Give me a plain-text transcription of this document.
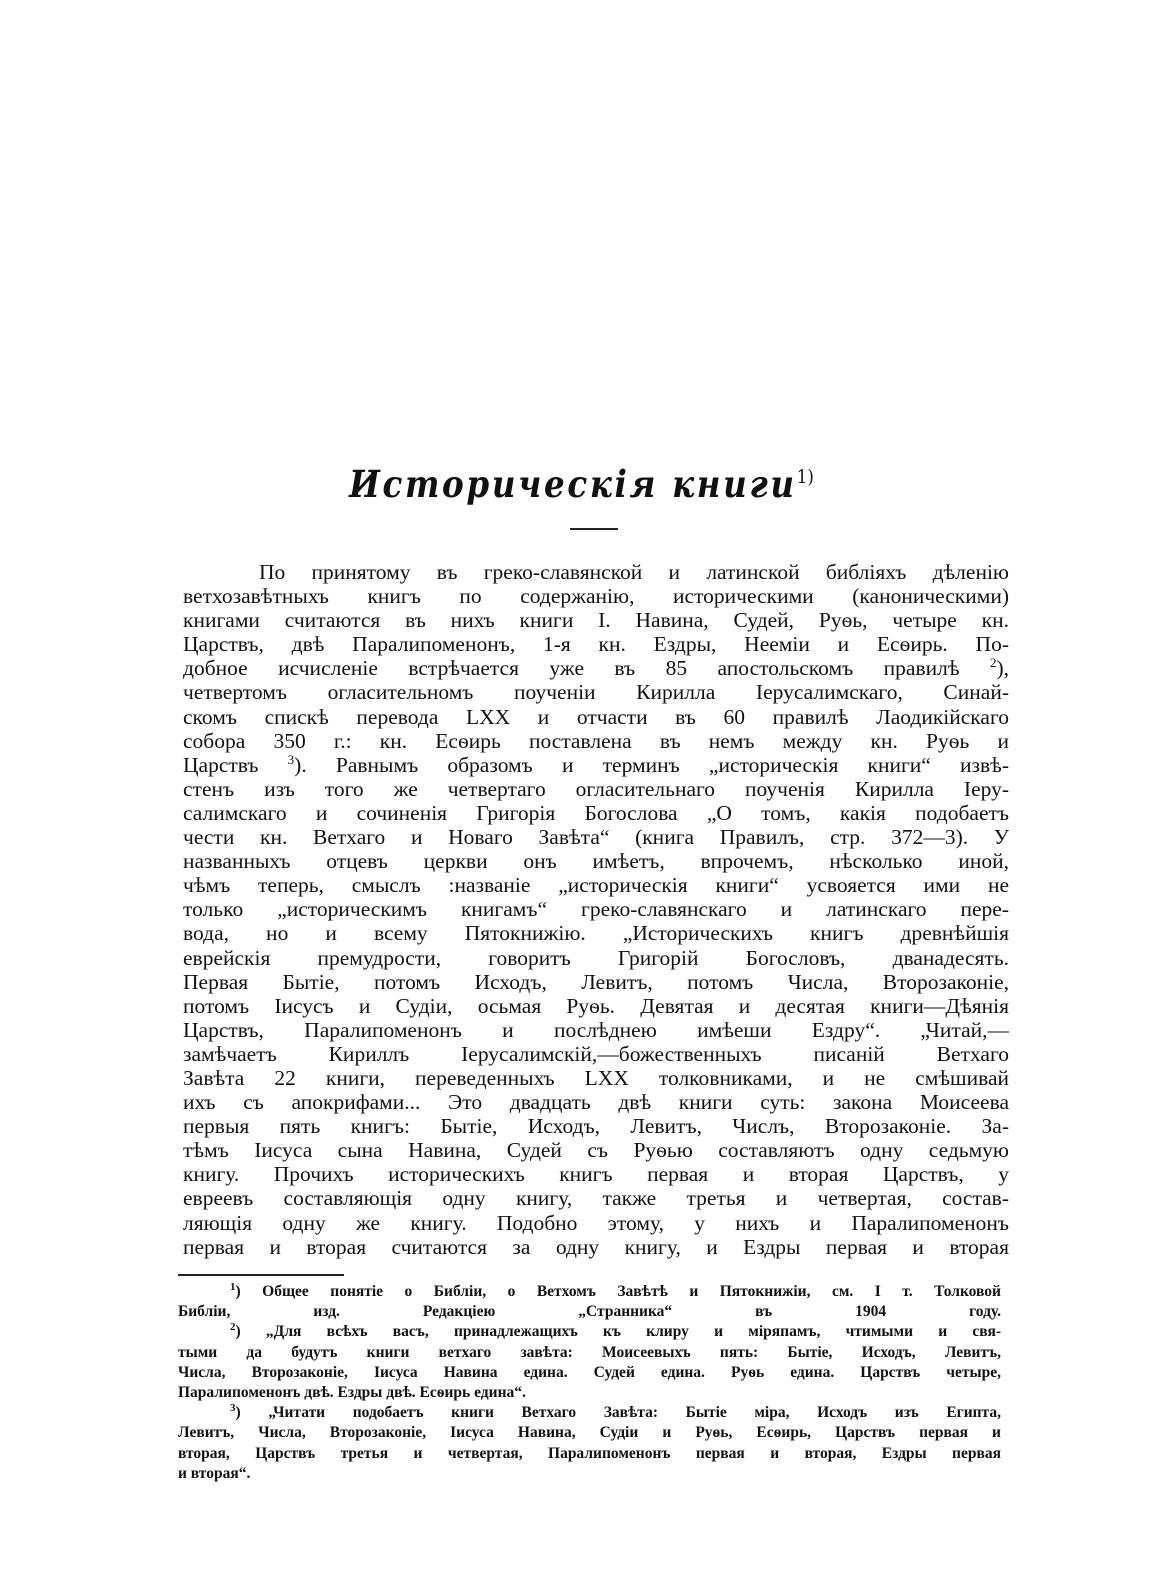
Историческія книги$^{1)}$
По принятому въ греко-славянской и латинской библіяхъ дѣленію
ветхозавѣтныхъ книгъ по содержанію, историческими (каноническими)
книгами считаются въ нихъ книги І. Навина, Судей, Руѳь, четыре кн.
Царствъ, двѣ Паралипоменонъ, 1-я кн. Ездры, Нееміи и Есѳирь. По-
добное исчисленіе встрѣчается уже въ 85 апостольскомъ правилѣ $^2$),
четвертомъ огласительномъ поученіи Кирилла Іерусалимскаго, Синай-
скомъ спискѣ перевода LXX и отчасти въ 60 правилѣ Лаодикійскаго
собора 350 г.: кн. Есѳирь поставлена въ немъ между кн. Руѳь и
Царствъ $^3$). Равнымъ образомъ и терминъ „историческія книги“ извѣ-
стенъ изъ того же четвертаго огласительнаго поученія Кирилла Іеру-
салимскаго и сочиненія Григорія Богослова „О томъ, какія подобаетъ
чести кн. Ветхаго и Новаго Завѣта“ (книга Правилъ, стр. 372—3). У
названныхъ отцевъ церкви онъ имѣетъ, впрочемъ, нѣсколько иной,
чѣмъ теперь, смыслъ :названіе „историческія книги“ усвояется ими не
только „историческимъ книгамъ“ греко-славянскаго и латинскаго пере-
вода, но и всему Пятокнижію. „Историческихъ книгъ древнѣйшія
еврейскія премудрости, говоритъ Григорій Богословъ, дванадесять.
Первая Бытіе, потомъ Исходъ, Левитъ, потомъ Числа, Второзаконіе,
потомъ Іисусъ и Судіи, осьмая Руѳь. Девятая и десятая книги—Дѣянія
Царствъ, Паралипоменонъ и послѣднею имѣеши Ездру“. „Читай,—
замѣчаетъ Кириллъ Іерусалимскій,—божественныхъ писаній Ветхаго
Завѣта 22 книги, переведенныхъ LXX толковниками, и не смѣшивай
ихъ съ апокрифами... Это двадцать двѣ книги суть: закона Моисеева
первыя пять книгъ: Бытіе, Исходъ, Левитъ, Числъ, Второзаконіе. За-
тѣмъ Іисуса сына Навина, Судей съ Руѳью составляютъ одну седьмую
книгу. Прочихъ историческихъ книгъ первая и вторая Царствъ, у
евреевъ составляющія одну книгу, также третья и четвертая, состав-
ляющія одну же книгу. Подобно этому, у нихъ и Паралипоменонъ
первая и вторая считаются за одну книгу, и Ездры первая и вторая
$^1$) Общее понятіе о Библіи, о Ветхомъ Завѣтѣ и Пятокнижіи, см. І т. Толковой
Библіи, изд. Редакціею „Странника“ въ 1904 году.
$^2$) „Для всѣхъ васъ, принадлежащихъ къ клиру и міряпамъ, чтимыми и свя-
тыми да будутъ книги ветхаго завѣта: Моисеевыхъ пять: Бытіе, Исходъ, Левитъ,
Числа, Второзаконіе, Іисуса Навина едина. Судей едина. Руѳь едина. Царствъ четыре,
Паралипоменонъ двѣ. Ездры двѣ. Есѳирь едина“.
$^3$) „Читати подобаетъ книги Ветхаго Завѣта: Бытіе міра, Исходъ изъ Египта,
Левитъ, Числа, Второзаконіе, Іисуса Навина, Судіи и Руѳь, Есѳирь, Царствъ первая и
вторая, Царствъ третья и четвертая, Паралипоменонъ первая и вторая, Ездры первая
и вторая“.
